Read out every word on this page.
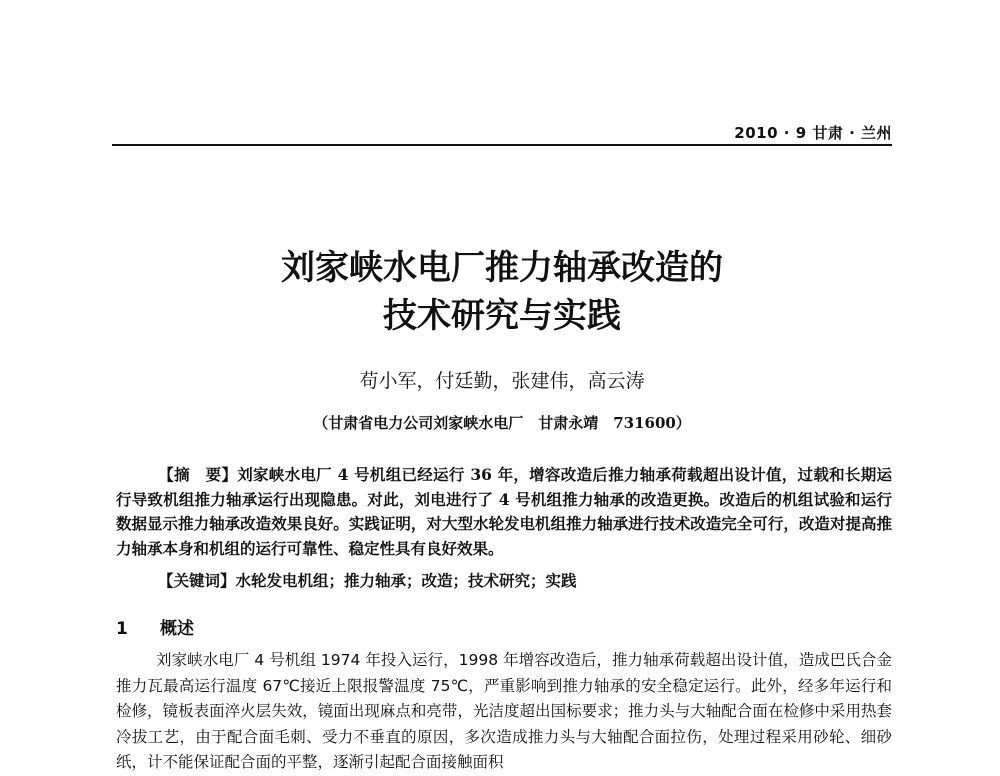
2010 · 9 甘肃 · 兰州
刘家峡水电厂推力轴承改造的
技术研究与实践
苟小军，付廷勤，张建伟，高云涛
（甘肃省电力公司刘家峡水电厂　甘肃永靖　731600）

【摘　要】刘家峡水电厂 4 号机组已经运行 36 年，增容改造后推力轴承荷载超出设计值，过载和长期运行导致机组推力轴承运行出现隐患。对此，刘电进行了 4 号机组推力轴承的改造更换。改造后的机组试验和运行数据显示推力轴承改造效果良好。实践证明，对大型水轮发电机组推力轴承进行技术改造完全可行，改造对提高推力轴承本身和机组的运行可靠性、稳定性具有良好效果。

【关键词】水轮发电机组；推力轴承；改造；技术研究；实践
1 概述

刘家峡水电厂 4 号机组 1974 年投入运行，1998 年增容改造后，推力轴承荷载超出设计值，造成巴氏合金推力瓦最高运行温度 67℃接近上限报警温度 75℃，严重影响到推力轴承的安全稳定运行。此外，经多年运行和检修，镜板表面淬火层失效，镜面出现麻点和亮带，光洁度超出国标要求；推力头与大轴配合面在检修中采用热套冷拔工艺，由于配合面毛刺、受力不垂直的原因，多次造成推力头与大轴配合面拉伤，处理过程采用砂轮、细砂纸，计不能保证配合面的平整，逐渐引起配合面接触面积
